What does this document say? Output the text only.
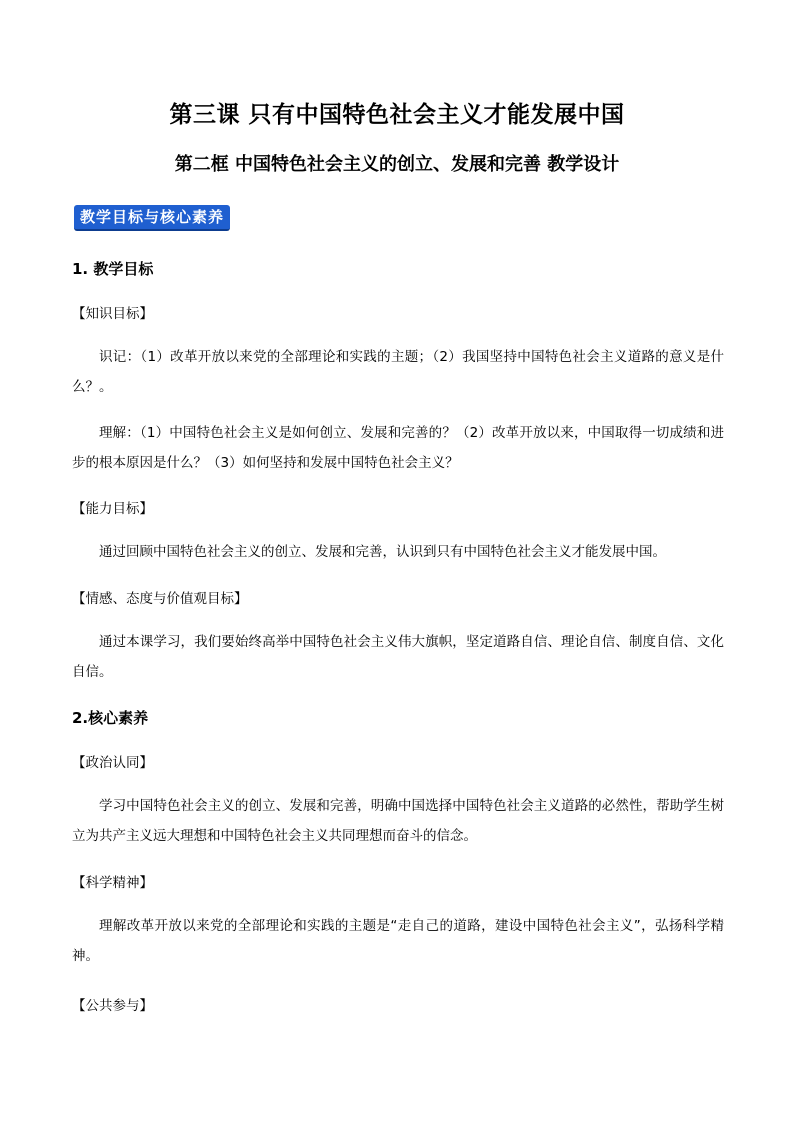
第三课 只有中国特色社会主义才能发展中国
第二框 中国特色社会主义的创立、发展和完善 教学设计
教学目标与核心素养
1. 教学目标
【知识目标】
识记：（1）改革开放以来党的全部理论和实践的主题；（2）我国坚持中国特色社会主义道路的意义是什么？。
理解：（1）中国特色社会主义是如何创立、发展和完善的？（2）改革开放以来，中国取得一切成绩和进步的根本原因是什么？（3）如何坚持和发展中国特色社会主义？
【能力目标】
通过回顾中国特色社会主义的创立、发展和完善，认识到只有中国特色社会主义才能发展中国。
【情感、态度与价值观目标】
通过本课学习，我们要始终高举中国特色社会主义伟大旗帜，坚定道路自信、理论自信、制度自信、文化自信。
2.核心素养
【政治认同】
学习中国特色社会主义的创立、发展和完善，明确中国选择中国特色社会主义道路的必然性，帮助学生树立为共产主义远大理想和中国特色社会主义共同理想而奋斗的信念。
【科学精神】
理解改革开放以来党的全部理论和实践的主题是“走自己的道路，建设中国特色社会主义”，弘扬科学精神。
【公共参与】
